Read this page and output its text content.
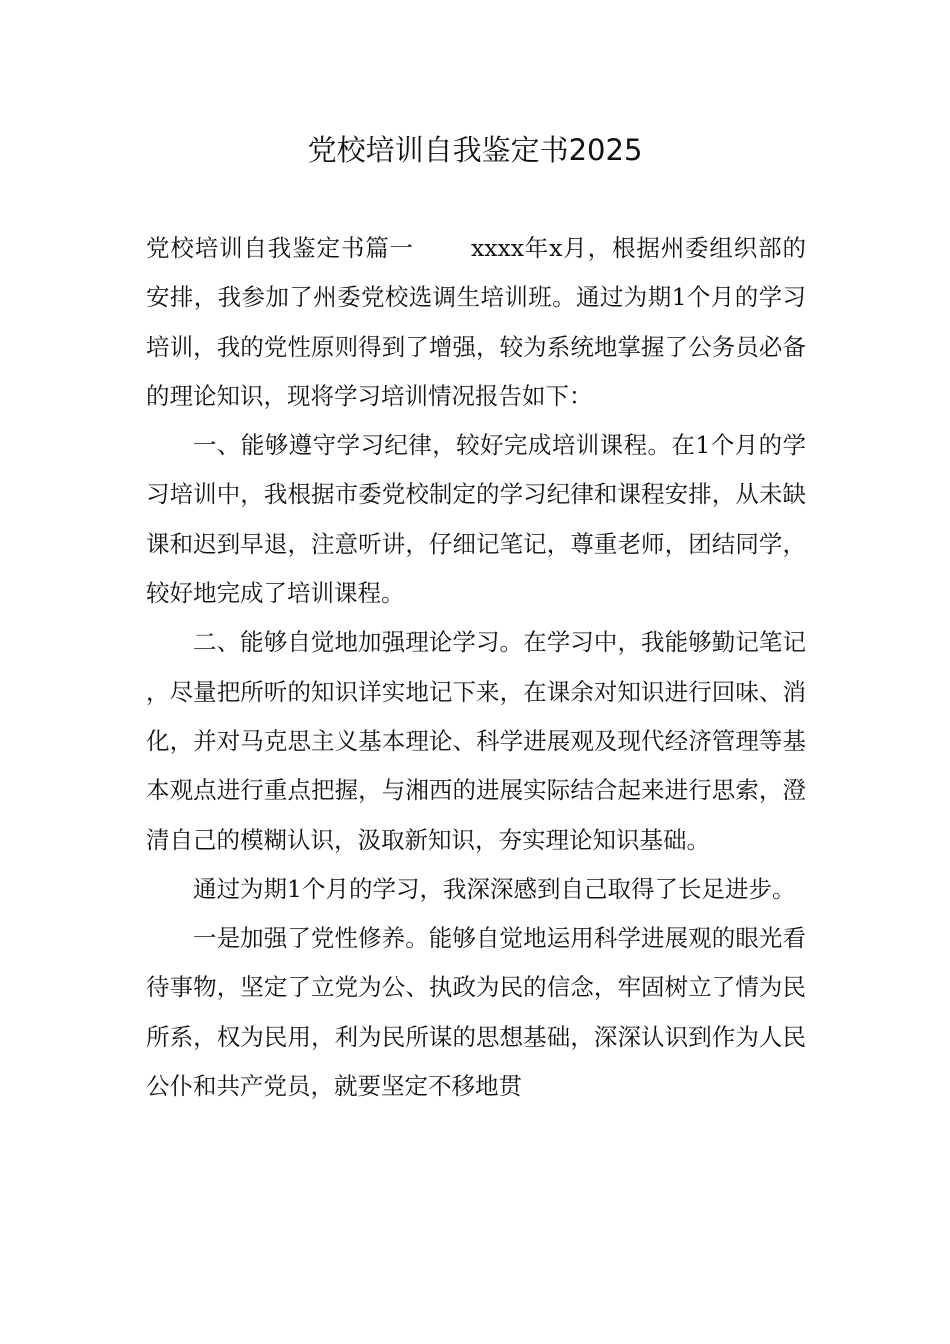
党校培训自我鉴定书2025

党校培训自我鉴定书篇一　　 xxxx年x月，根据州委组织部的安排，我参加了州委党校选调生培训班。通过为期1个月的学习培训，我的党性原则得到了增强，较为系统地掌握了公务员必备的理论知识，现将学习培训情况报告如下：

一、能够遵守学习纪律，较好完成培训课程。在1个月的学习培训中，我根据市委党校制定的学习纪律和课程安排，从未缺课和迟到早退，注意听讲，仔细记笔记，尊重老师，团结同学，较好地完成了培训课程。

二、能够自觉地加强理论学习。在学习中，我能够勤记笔记，尽量把所听的知识详实地记下来，在课余对知识进行回味、消化，并对马克思主义基本理论、科学进展观及现代经济管理等基本观点进行重点把握，与湘西的进展实际结合起来进行思索，澄清自己的模糊认识，汲取新知识，夯实理论知识基础。

通过为期1个月的学习，我深深感到自己取得了长足进步。

一是加强了党性修养。能够自觉地运用科学进展观的眼光看待事物，坚定了立党为公、执政为民的信念，牢固树立了情为民所系，权为民用，利为民所谋的思想基础，深深认识到作为人民公仆和共产党员，就要坚定不移地贯
